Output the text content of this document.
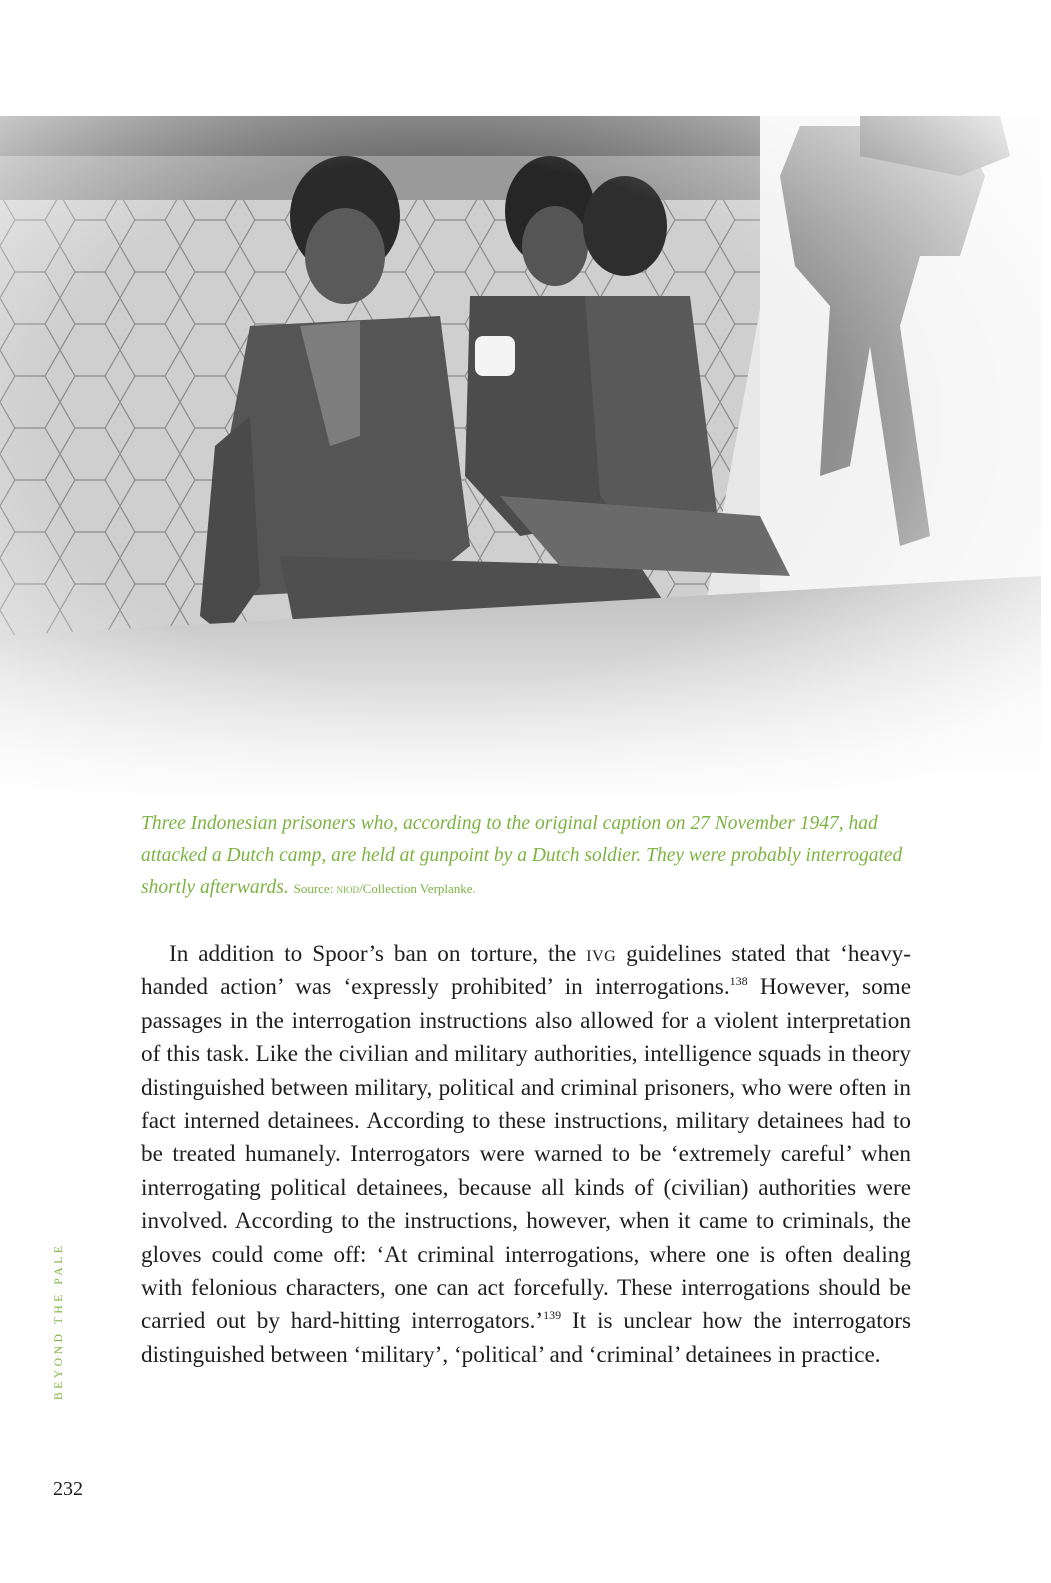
Three Indonesian prisoners who, according to the original caption on 27 November 1947, had attacked a Dutch camp, are held at gunpoint by a Dutch soldier. They were probably interrogated shortly afterwards. Source: niod/Collection Verplanke.

In addition to Spoor’s ban on torture, the ivg guidelines stated that ‘heavy-handed action’ was ‘expressly prohibited’ in interrogations.$^{138}$ However, some passages in the interrogation instructions also allowed for a violent interpretation of this task. Like the civilian and military authorities, intelligence squads in theory distinguished between military, political and criminal prisoners, who were often in fact interned detainees. According to these instructions, military detainees had to be treated humanely. Interrogators were warned to be ‘extremely careful’ when interrogating political detainees, because all kinds of (civilian) authorities were involved. According to the instructions, however, when it came to criminals, the gloves could come off: ‘At criminal interrogations, where one is often dealing with felonious characters, one can act forcefully. These interrogations should be carried out by hard-hitting interrogators.’$^{139}$ It is unclear how the interrogators distinguished between ‘military’, ‘political’ and ‘criminal’ detainees in practice.

BEYOND THE PALE
232
